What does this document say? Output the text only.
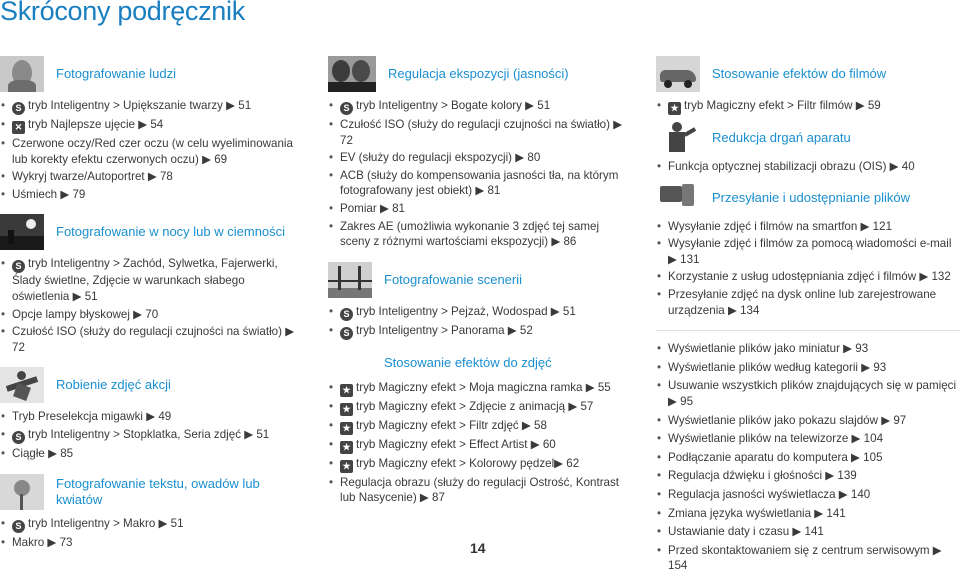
Skrócony podręcznik
Fotografowanie ludzi
• S tryb Inteligentny > Upiększanie twarzy ▶ 51
• ✕ tryb Najlepsze ujęcie ▶ 54
• Czerwone oczy/Red czer oczu (w celu wyeliminowania lub korekty efektu czerwonych oczu) ▶ 69
• Wykryj twarze/Autoportret ▶ 78
• Uśmiech ▶ 79
Fotografowanie w nocy lub w ciemności
• S tryb Inteligentny > Zachód, Sylwetka, Fajerwerki, Ślady świetlne, Zdjęcie w warunkach słabego oświetlenia ▶ 51
• Opcje lampy błyskowej ▶ 70
• Czułość ISO (służy do regulacji czujności na światło) ▶ 72
Robienie zdjęć akcji
• Tryb Preselekcja migawki ▶ 49
• S tryb Inteligentny > Stopklatka, Seria zdjęć ▶ 51
• Ciągłe ▶ 85
Fotografowanie tekstu, owadów lub kwiatów
• S tryb Inteligentny > Makro ▶ 51
• Makro ▶ 73
Regulacja ekspozycji (jasności)
• S tryb Inteligentny > Bogate kolory ▶ 51
• Czułość ISO (służy do regulacji czujności na światło) ▶ 72
• EV (służy do regulacji ekspozycji) ▶ 80
• ACB (służy do kompensowania jasności tła, na którym fotografowany jest obiekt) ▶ 81
• Pomiar ▶ 81
• Zakres AE (umożliwia wykonanie 3 zdjęć tej samej sceny z różnymi wartościami ekspozycji) ▶ 86
Fotografowanie scenerii
• S tryb Inteligentny > Pejzaż, Wodospad ▶ 51
• S tryb Inteligentny > Panorama ▶ 52
Stosowanie efektów do zdjęć
• ★ tryb Magiczny efekt > Moja magiczna ramka ▶ 55
• ★ tryb Magiczny efekt > Zdjęcie z animacją ▶ 57
• ★ tryb Magiczny efekt > Filtr zdjęć ▶ 58
• ★ tryb Magiczny efekt > Effect Artist ▶ 60
• ★ tryb Magiczny efekt > Kolorowy pędzel▶ 62
• Regulacja obrazu (służy do regulacji Ostrość, Kontrast lub Nasycenie) ▶ 87
Stosowanie efektów do filmów
• ★ tryb Magiczny efekt > Filtr filmów ▶ 59
Redukcja drgań aparatu
• Funkcja optycznej stabilizacji obrazu (OIS) ▶ 40
Przesyłanie i udostępnianie plików
• Wysyłanie zdjęć i filmów na smartfon ▶ 121
• Wysyłanie zdjęć i filmów za pomocą wiadomości e-mail ▶ 131
• Korzystanie z usług udostępniania zdjęć i filmów ▶ 132
• Przesyłanie zdjęć na dysk online lub zarejestrowane urządzenia ▶ 134
• Wyświetlanie plików jako miniatur ▶ 93
• Wyświetlanie plików według kategorii ▶ 93
• Usuwanie wszystkich plików znajdujących się w pamięci ▶ 95
• Wyświetlanie plików jako pokazu slajdów ▶ 97
• Wyświetlanie plików na telewizorze ▶ 104
• Podłączanie aparatu do komputera ▶ 105
• Regulacja dźwięku i głośności ▶ 139
• Regulacja jasności wyświetlacza ▶ 140
• Zmiana języka wyświetlania ▶ 141
• Ustawianie daty i czasu ▶ 141
• Przed skontaktowaniem się z centrum serwisowym ▶ 154
14
